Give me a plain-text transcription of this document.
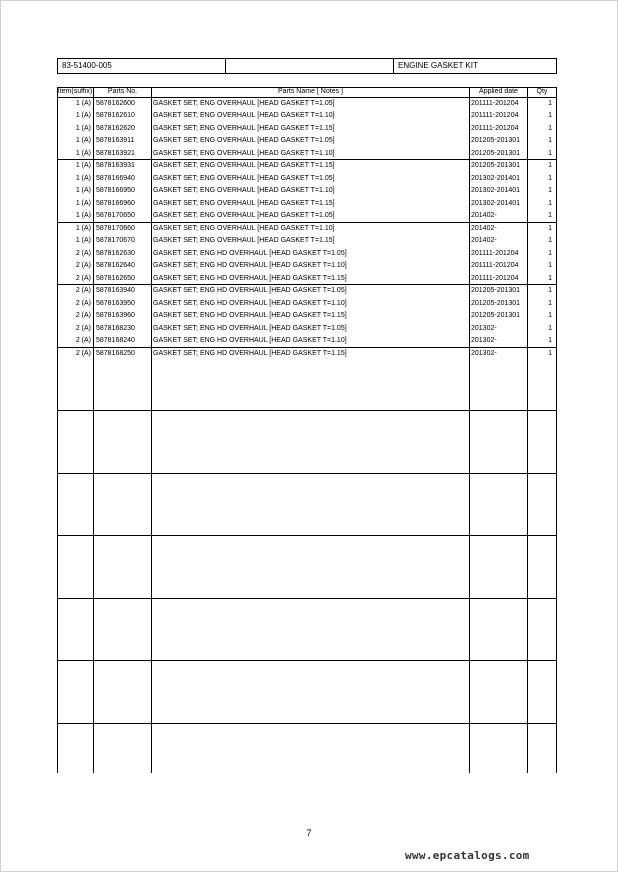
83-51400-005	ENGINE GASKET KIT
Item(suffix)	Parts No.	Parts Name [ Notes ]	Applied date	Qty
1 (A) 5878162600	GASKET SET; ENG OVERHAUL [HEAD GASKET T=1.05]	201111-201204	1
1 (A) 5878162610	GASKET SET; ENG OVERHAUL [HEAD GASKET T=1.10]	201111-201204	1
1 (A) 5878162620	GASKET SET; ENG OVERHAUL [HEAD GASKET T=1.15]	201111-201204	1
1 (A) 5878163911	GASKET SET; ENG OVERHAUL [HEAD GASKET T=1.05]	201205-201301	1
1 (A) 5878163921	GASKET SET; ENG OVERHAUL [HEAD GASKET T=1.10]	201205-201301	1
1 (A) 5878163931	GASKET SET; ENG OVERHAUL [HEAD GASKET T=1.15]	201205-201301	1
1 (A) 5878166940	GASKET SET; ENG OVERHAUL [HEAD GASKET T=1.05]	201302-201401	1
1 (A) 5878166950	GASKET SET; ENG OVERHAUL [HEAD GASKET T=1.10]	201302-201401	1
1 (A) 5878166960	GASKET SET; ENG OVERHAUL [HEAD GASKET T=1.15]	201302-201401	1
1 (A) 5878170650	GASKET SET; ENG OVERHAUL [HEAD GASKET T=1.05]	201402-	1
1 (A) 5878170660	GASKET SET; ENG OVERHAUL [HEAD GASKET T=1.10]	201402-	1
1 (A) 5878170670	GASKET SET; ENG OVERHAUL [HEAD GASKET T=1.15]	201402-	1
2 (A) 5878162630	GASKET SET; ENG HD OVERHAUL [HEAD GASKET T=1.05]	201111-201204	1
2 (A) 5878162640	GASKET SET; ENG HD OVERHAUL [HEAD GASKET T=1.10]	201111-201204	1
2 (A) 5878162650	GASKET SET; ENG HD OVERHAUL [HEAD GASKET T=1.15]	201111-201204	1
2 (A) 5878163940	GASKET SET; ENG HD OVERHAUL [HEAD GASKET T=1.05]	201205-201301	1
2 (A) 5878163950	GASKET SET; ENG HD OVERHAUL [HEAD GASKET T=1.10]	201205-201301	1
2 (A) 5878163960	GASKET SET; ENG HD OVERHAUL [HEAD GASKET T=1.15]	201205-201301	1
2 (A) 5878168230	GASKET SET; ENG HD OVERHAUL [HEAD GASKET T=1.05]	201302-	1
2 (A) 5878168240	GASKET SET; ENG HD OVERHAUL [HEAD GASKET T=1.10]	201302-	1
2 (A) 5878168250	GASKET SET; ENG HD OVERHAUL [HEAD GASKET T=1.15]	201302-	1
7
www.epcatalogs.com
